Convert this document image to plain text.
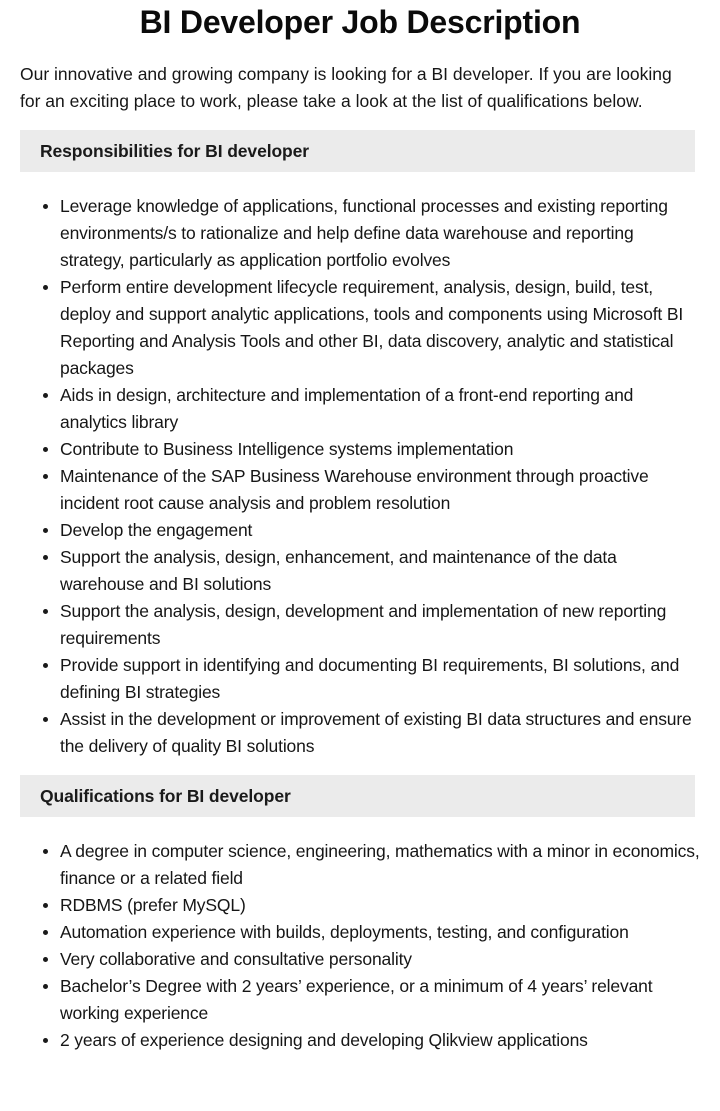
BI Developer Job Description

Our innovative and growing company is looking for a BI developer. If you are looking for an exciting place to work, please take a look at the list of qualifications below.

Responsibilities for BI developer
Leverage knowledge of applications, functional processes and existing reporting environments/s to rationalize and help define data warehouse and reporting strategy, particularly as application portfolio evolves
Perform entire development lifecycle requirement, analysis, design, build, test, deploy and support analytic applications, tools and components using Microsoft BI Reporting and Analysis Tools and other BI, data discovery, analytic and statistical packages
Aids in design, architecture and implementation of a front-end reporting and analytics library
Contribute to Business Intelligence systems implementation
Maintenance of the SAP Business Warehouse environment through proactive incident root cause analysis and problem resolution
Develop the engagement
Support the analysis, design, enhancement, and maintenance of the data warehouse and BI solutions
Support the analysis, design, development and implementation of new reporting requirements
Provide support in identifying and documenting BI requirements, BI solutions, and defining BI strategies
Assist in the development or improvement of existing BI data structures and ensure the delivery of quality BI solutions
Qualifications for BI developer
A degree in computer science, engineering, mathematics with a minor in economics, finance or a related field
RDBMS (prefer MySQL)
Automation experience with builds, deployments, testing, and configuration
Very collaborative and consultative personality
Bachelor’s Degree with 2 years’ experience, or a minimum of 4 years’ relevant working experience
2 years of experience designing and developing Qlikview applications
